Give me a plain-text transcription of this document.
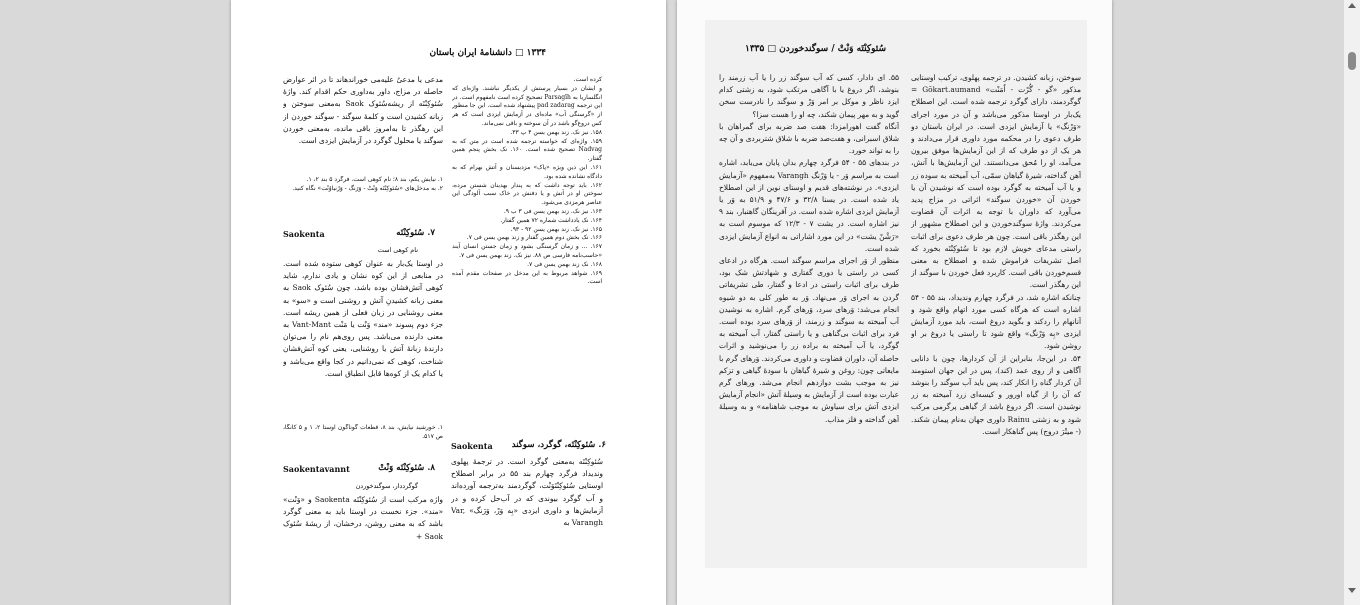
۱۳۳۴ □ دانشنامهٔ ایران باستان
کرده است.
و ایشان در بسیار پرستش از یکدیگر نباشند. واژه‌ای که انگلساریا به Parsagīh تصحیح کرده است نامفهوم است. در این ترجمه pad zadarag پیشنهاد شده است. این جا منظور از «گرسنگی آب» ماده‌ای در آزمایش ایزدی است که هر کس دروغ‌گو باشد در آن سوخته و باقی نمی‌ماند.
۱۵۸. نیز نک. زند بهمن یسن ۴ پ ۳۳.
۱۵۹. واژه‌ای که خواسته ترجمه شده است در متن که به Nadvag تصحیح شده است. ۱۶۰. نک بخش پنجم همین گفتار.
۱۶۱. این دین ویژه «پاک» مزدیسنان و آتش بهرام که به دادگاه نشانده شده بود.
۱۶۲. باید توجه داشت که به پندار بهدینان شستن مرده، سوختن او در آتش و یا دفنش در خاک سبب آلودگی این عناصر هرمزدی می‌شود.
۱۶۳. نیز نک. زند بهمن یسن فی ۳ ب ۹.
۱۶۴. نک یادداشت شماره ۷۲ همین گفتار.
۱۶۵. نیز نک. زند بهمن یسن ۹۲ - ۹۳.
۱۶۶. نک بخش دوم همین گفتار و زند بهمن یسن فی ۷.
۱۶۷. ... و زمان گرسنگی بشود و زمان جستن انسان آیند «حاسب‌نامه فارسی ص ۸۸. نیز نک. زند بهمن یسن فی ۷.
۱۶۸. نک زند بهمن یسن فی ۷.
۱۶۹. شواهد مربوط به این مدخل در صفحات مقدم آمده است.
مدعی یا مدعیٌ علیه‌می خوراندهاند تا در اثر عوارض حاصله در مزاج، داور به‌داوری حکم اقدام کند. واژهٔ سُئوکِنْتَه از ریشه‌سُئوک Saok به‌معنی سوختن و زبانه کشیدن است و کلمهٔ سوگند - سوگند خوردن از این رهگذر تا به‌امروز باقی مانده، به‌معنی خوردن سوگند یا محلول گوگرد در آزمایش ایزدی است.
۱. نیایش یکم، بند ۸؛ نام کوهی است. فرگرد ۵ بند ۲، ۱.
۲. به مدخل‌های «سُئوکِنْتَه وَنْتْ - وَرَنگ - وَرُنیاوُنْت» نگاه کنید.
۷. سُئوکِنْتَه
Saokenta
نام کوهی است
در اوستا یک‌بار به عنوان کوهی ستوده شده است. در منابعی از این کوه نشان و یادی ندارم، شاید کوهی آتش‌فشان بوده باشد، چون سُئوک Saok به معنی زبانه کشیدنِ آتش و روشنی است و «سو» به معنی روشنایی در زبان فعلی از همین ریشه است. جزء دوم پسوند «مند» وَنْت یا مَنْت Vant-Mant به معنی دارنده می‌باشد. پس روی‌هم نام را می‌توان دارندهٔ زبانهٔ آتش یا روشنایی، یعنی کوه آتش‌فشان شناخت، کوهی که نمی‌دانیم در کجا واقع می‌باشد و یا کدام یک از کوه‌ها قابل انطباق است.
۱. خورشید نیایش، بند ۸، قطعات گوناگون اوستا ۲، ۱ و ۵ کانگا، ص ۵۱۷.
۸. سُئوکِنْتَه وَنْتْ
Saokentavannt
گوگرددار، سوگندخوردن
واژه مرکب است از سُئوکِنْتَه Saokenta و «وَنْت» «مند». جزء نخست در اوستا باید به معنی گوگرد باشد که به معنی روشن، درخشان، از ریشهٔ سُئوک Saok +
۶. سُئوکِنْتَه، گوگرد، سوگند
Saokenta
سُئوکِنْتَه به‌معنی گوگرد است. در ترجمهٔ پهلوی وندیداد فرگرد چهارم بند ۵۵ در برابر اصطلاح اوستایی سُئوکِنْتَوَنْت، گوگرد‌مند به‌ترجمه آورده‌اند و آب گوگرد بیوندی که در آب‌حل کرده و در آزمایش‌ها و داوری ایزدی «بِه وَرْ، وَرَنگ» Var, Varangh به
سُئوکِنْتَه وَنْتْ / سوگندخوردن □ ۱۳۳۵
سوختن، زبانه کشیدن. در ترجمه پهلوی، ترکیب اوستایی مذکور «گو - گُرْت - اُمَنْت» Gōkart.aumand = گوگردمند، دارای گوگرد ترجمه شده است. این اصطلاح یک‌بار در اوستا مذکور می‌باشد و آن در مورد اجرای «وَرْنگ» یا آزمایش ایزدی است. در ایران باستان دو طرف دعوی را در محکمه مورد داوری قرار می‌دادند و هر یک از دو طرف که از این آزمایش‌ها موفق بیرون می‌آمد، او را مُحق می‌دانستند. این آزمایش‌ها با آتش، آهن گداخته، شیرهٔ گیاهان سمّی، آب آمیخته به سوده زر و یا آب آمیخته به گوگرد بوده است که نوشیدن آن یا خوردن آن «خوردن سوگند» اثراتی در مزاج پدید می‌آورد که داوران با توجه به اثرات آن قضاوت می‌کردند. واژهٔ سوگندخوردن و این اصطلاح مشهور از این رهگذر باقی است. چون هر طرف دعوی برای اثبات راستی مدعای خویش لازم بود تا سُئوکِنْتَه بخورد که اصل تشریفات فراموش شده و اصطلاح به معنی قسم‌خوردن باقی است. کاربرد فعل خوردن با سوگند از این رهگذر است.
چنانکه اشاره شد، در فرگرد چهارم وندیداد، بند ۵۵ - ۵۴ اشاره است که هرگاه کسی مورد اتهام واقع شود و آنانهام را ردکند و بگوید دروغ است، باید مورد آزمایش ایزدی «بِه وَرْنگ» واقع شود تا راستی یا دروغ بر او روشن شود.
۵۴. در این‌جا، بنابراین از آن کردارها، چون با دانایی آگاهی و از روی عمد (کند)، پس در این جهان استومند آن کردار گناه را انکار کند، پس باید آب سوگند را بنوشد که آن را از گیاه اورور و کیسه‌ای زرد آمیخته به زر نوشیدن است. اگر دروغ باشد از گیاهی پرگرمی مرکب شود و به زشتی Rainu داوری جهان به‌نام پیمان شکند. (- میتْرَ دروج) پس گناهکار است.
۵۵. ای دادار، کسی که آب سوگند زر را یا آب زرمند را بنوشد، اگر دروغ یا با آگاهی مرتکب شود، به زشتی کدام ایزد ناظر و موکل بر امر وَرْ و سوگند را نادرست سخن گوید و به مهر پیمان شکند، چه او را هست سزا؟
آنگاه گفت اهورامزدا: هفت صد ضربه برای گمراهان با شلاق اسبرانی، و هفت‌صد ضربه با شلاق شتربردی و آن چه را به تواند خورد.
در بندهای ۵۵ - ۵۴ فرگرد چهارم بدان پایان می‌یابد، اشاره است به مراسم وَر - یا وَرْنگ Varangh به‌مفهوم «آزمایش ایزدی». در نوشته‌های قدیم و اوستای نوین از این اصطلاح یاد شده است. در یسنا ۳۲/۸ و ۴۷/۶ و ۵۱/۹ به وَر یا آزمایش ایزدی اشاره شده است. در آفرینگان گاهنبار، بند ۹ نیز اشاره است. در یشت ۷ - ۱۲/۳ که موسوم است به «رَشْنْ یشت» در این مورد اشاراتی به انواع آزمایش ایزدی شده است.
منظور از وَر اجرای مراسم سوگند است. هرگاه در ادعای کسی در راستی یا دوری گفتاری و شهادتش شک بود، طرف برای اثبات راستی در ادعا و گفتار، طی تشریفاتی گردن به اجرای وَر می‌نهاد. وَر به طور کلی به دو شیوه انجام می‌شد: وَرهای سرد، وَرهای گرم. اشاره به نوشیدن آب آمیخته به سوگند و زرمند، از وَرهای سرد بوده است. فرد برای اثبات بی‌گناهی و یا راستی گفتار، آب آمیخته به گوگرد، یا آب آمیخته به براده زر را می‌نوشید و اثرات حاصله آن، داوران قضاوت و داوری می‌کردند. وَرهای گرم با مایعاتی چون: روغن و شیرهٔ گیاهان با سودهٔ گیاهی و تزکم نیز به موجب بشت دوازدهم انجام می‌شد. ورهای گرم عبارت بوده است از آزمایش به وسیلهٔ آتش «انجام آزمایش ایزدی آتش برای سیاوش به موجب شاهنامه» و به وسیلهٔ آهن گداخته و فلز مذاب.
